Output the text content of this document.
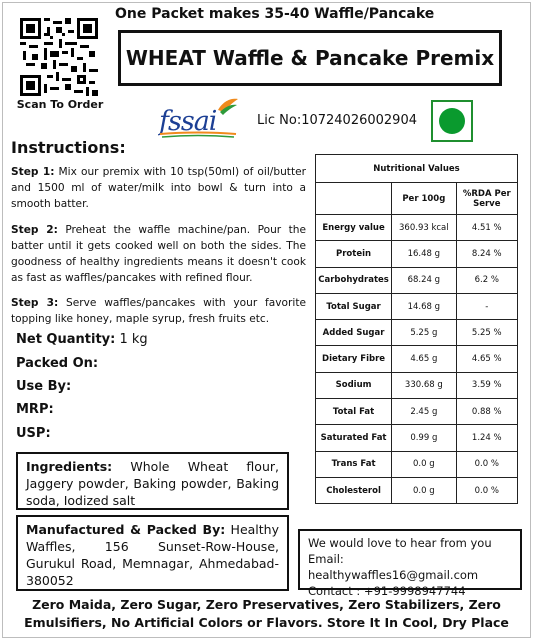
Scan To Order
One Packet makes 35-40 Waffle/Pancake
WHEAT Waffle & Pancake Premix
fssai	Lic No:10724026002904
Instructions:
Step 1: Mix our premix with 10 tsp(50ml) of oil/butter and 1500 ml of water/milk into bowl & turn into a smooth batter.
Step 2: Preheat the waffle machine/pan. Pour the batter until it gets cooked well on both the sides. The goodness of healthy ingredients means it doesn't cook as fast as waffles/pancakes with refined flour.
Step 3: Serve waffles/pancakes with your favorite topping like honey, maple syrup, fresh fruits etc.
Net Quantity: 1 kg
Packed On:
Use By:
MRP:
USP:
Ingredients: Whole Wheat flour, Jaggery powder, Baking powder, Baking soda, Iodized salt
Manufactured & Packed By: Healthy Waffles, 156 Sunset-Row-House, Gurukul Road, Memnagar, Ahmedabad-380052
We would love to hear from you
Email: healthywaffles16@gmail.com
Contact : +91-9998947744
Nutritional Values		
	Per 100g	%RDA Per Serve
Energy value	360.93 kcal	4.51 %
Protein	16.48 g	8.24 %
Carbohydrates	68.24 g	6.2 %
Total Sugar	14.68 g	-
Added Sugar	5.25 g	5.25 %
Dietary Fibre	4.65 g	4.65 %
Sodium	330.68 g	3.59 %
Total Fat	2.45 g	0.88 %
Saturated Fat	0.99 g	1.24 %
Trans Fat	0.0 g	0.0 %
Cholesterol	0.0 g	0.0 %
Zero Maida, Zero Sugar, Zero Preservatives, Zero Stabilizers, Zero
Emulsifiers, No Artificial Colors or Flavors. Store It In Cool, Dry Place
